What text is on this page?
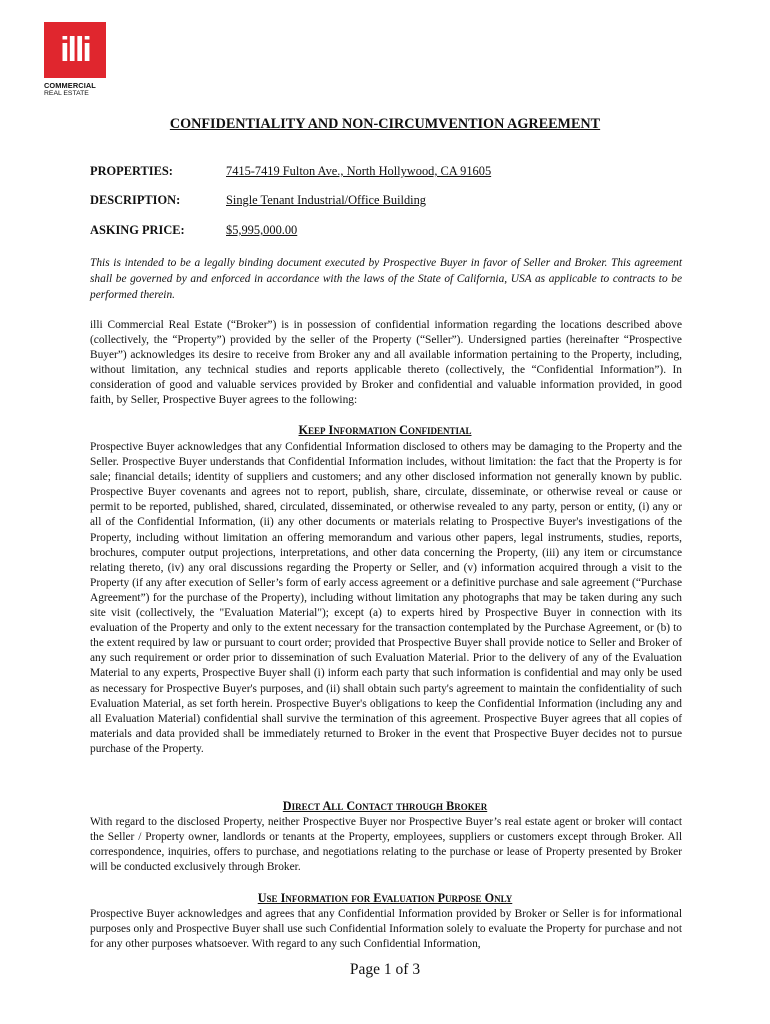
illi
COMMERCIAL
REAL ESTATE
CONFIDENTIALITY AND NON-CIRCUMVENTION AGREEMENT
PROPERTIES:	7415-7419 Fulton Ave., North Hollywood, CA 91605
DESCRIPTION:	Single Tenant Industrial/Office Building
ASKING PRICE:	$5,995,000.00
This is intended to be a legally binding document executed by Prospective Buyer in favor of Seller and Broker. This agreement shall be governed by and enforced in accordance with the laws of the State of California, USA as applicable to contracts to be performed therein.
illi Commercial Real Estate (“Broker”) is in possession of confidential information regarding the locations described above (collectively, the “Property”) provided by the seller of the Property (“Seller”). Undersigned parties (hereinafter “Prospective Buyer”) acknowledges its desire to receive from Broker any and all available information pertaining to the Property, including, without limitation, any technical studies and reports applicable thereto (collectively, the “Confidential Information”). In consideration of good and valuable services provided by Broker and confidential and valuable information provided, in good faith, by Seller, Prospective Buyer agrees to the following:
Keep Information Confidential
Prospective Buyer acknowledges that any Confidential Information disclosed to others may be damaging to the Property and the Seller. Prospective Buyer understands that Confidential Information includes, without limitation: the fact that the Property is for sale; financial details; identity of suppliers and customers; and any other disclosed information not generally known by public. Prospective Buyer covenants and agrees not to report, publish, share, circulate, disseminate, or otherwise reveal or cause or permit to be reported, published, shared, circulated, disseminated, or otherwise revealed to any party, person or entity, (i) any or all of the Confidential Information, (ii) any other documents or materials relating to Prospective Buyer's investigations of the Property, including without limitation an offering memorandum and various other papers, legal instruments, studies, reports, brochures, computer output projections, interpretations, and other data concerning the Property, (iii) any item or circumstance relating thereto, (iv) any oral discussions regarding the Property or Seller, and (v) information acquired through a visit to the Property (if any after execution of Seller’s form of early access agreement or a definitive purchase and sale agreement (“Purchase Agreement”) for the purchase of the Property), including without limitation any photographs that may be taken during any such site visit (collectively, the "Evaluation Material"); except (a) to experts hired by Prospective Buyer in connection with its evaluation of the Property and only to the extent necessary for the transaction contemplated by the Purchase Agreement, or (b) to the extent required by law or pursuant to court order; provided that Prospective Buyer shall provide notice to Seller and Broker of any such requirement or order prior to dissemination of such Evaluation Material. Prior to the delivery of any of the Evaluation Material to any experts, Prospective Buyer shall (i) inform each party that such information is confidential and may only be used as necessary for Prospective Buyer's purposes, and (ii) shall obtain such party's agreement to maintain the confidentiality of such Evaluation Material, as set forth herein. Prospective Buyer's obligations to keep the Confidential Information (including any and all Evaluation Material) confidential shall survive the termination of this agreement. Prospective Buyer agrees that all copies of materials and data provided shall be immediately returned to Broker in the event that Prospective Buyer decides not to pursue purchase of the Property.
Direct All Contact through Broker
With regard to the disclosed Property, neither Prospective Buyer nor Prospective Buyer’s real estate agent or broker will contact the Seller / Property owner, landlords or tenants at the Property, employees, suppliers or customers except through Broker. All correspondence, inquiries, offers to purchase, and negotiations relating to the purchase or lease of Property presented by Broker will be conducted exclusively through Broker.
Use Information for Evaluation Purpose Only
Prospective Buyer acknowledges and agrees that any Confidential Information provided by Broker or Seller is for informational purposes only and Prospective Buyer shall use such Confidential Information solely to evaluate the Property for purchase and not for any other purposes whatsoever. With regard to any such Confidential Information,
Page 1 of 3
